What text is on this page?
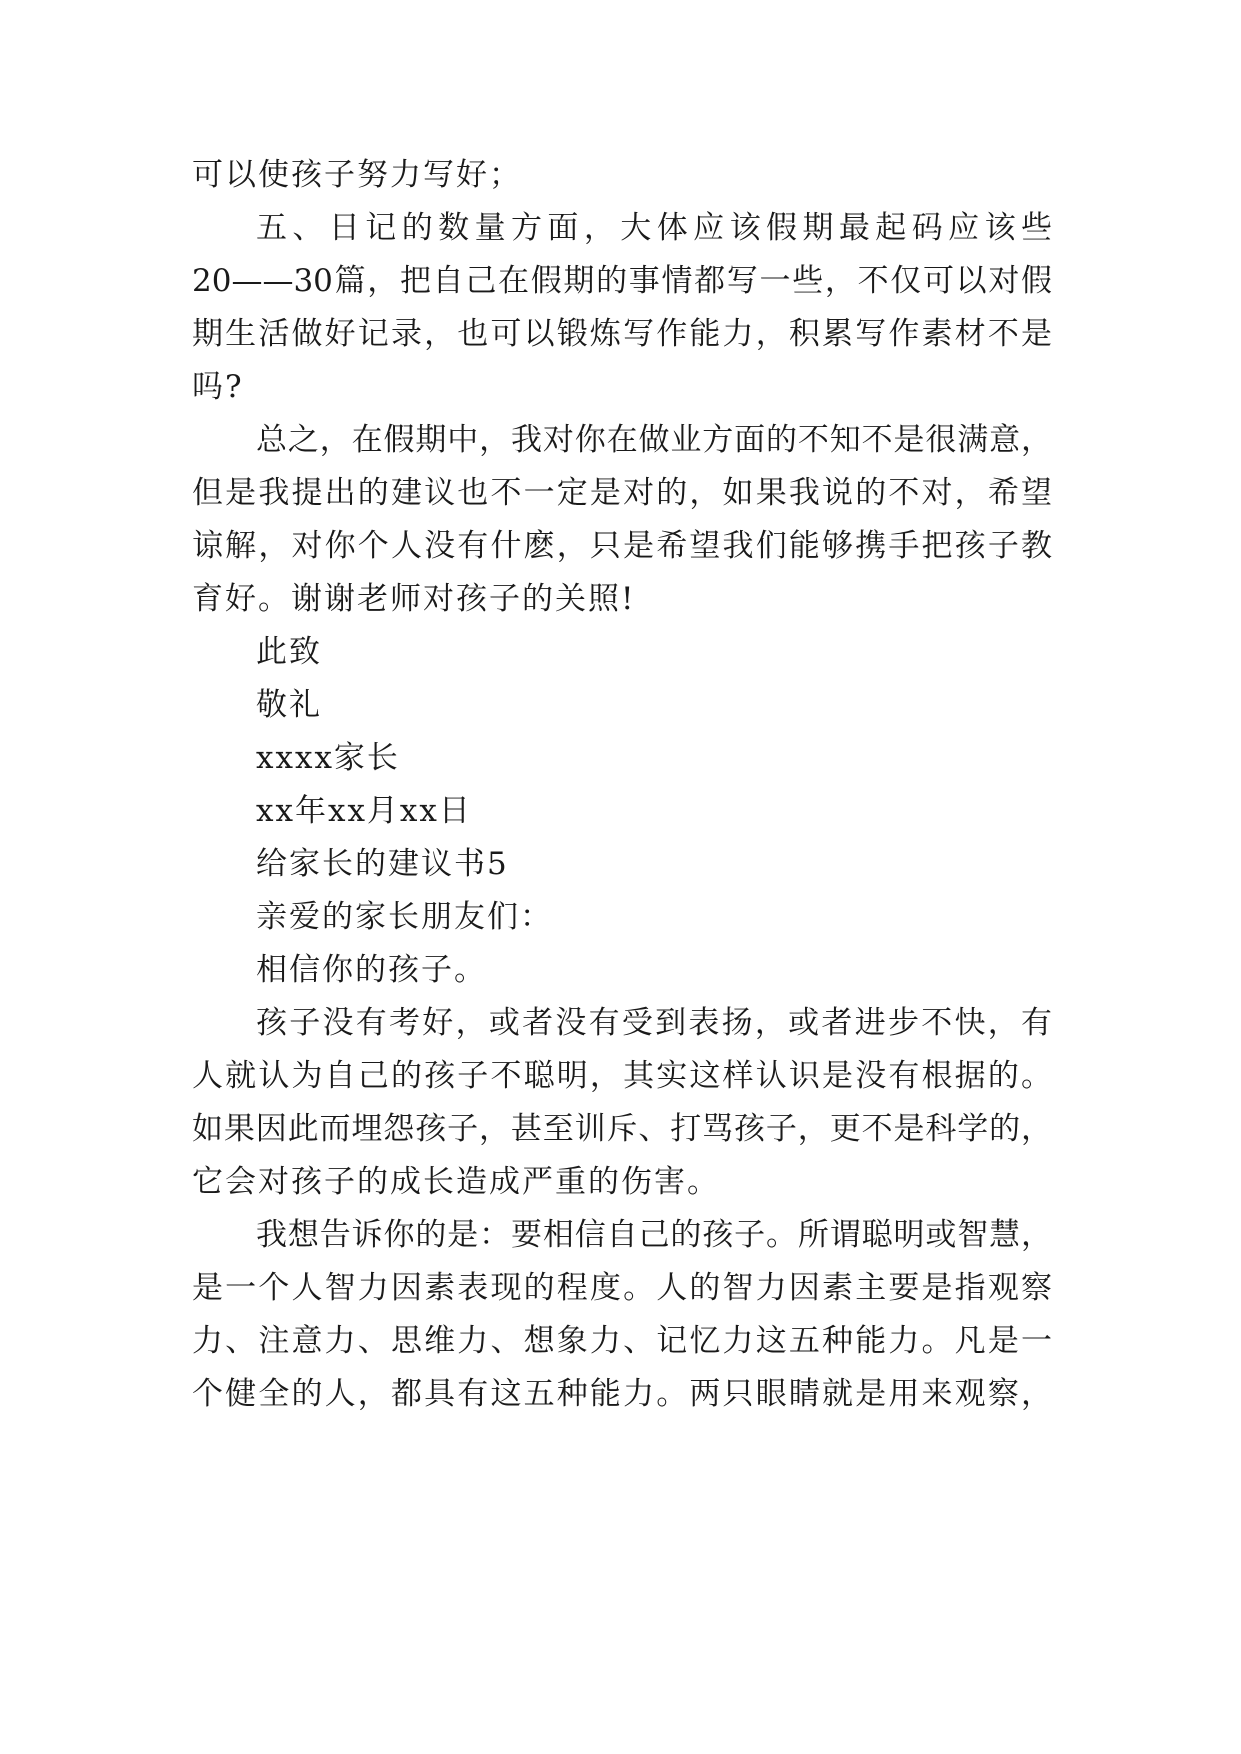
可以使孩子努力写好；
五、日记的数量方面，大体应该假期最起码应该些
20——30篇，把自己在假期的事情都写一些，不仅可以对假
期生活做好记录，也可以锻炼写作能力，积累写作素材不是
吗?
总之，在假期中，我对你在做业方面的不知不是很满意，
但是我提出的建议也不一定是对的，如果我说的不对，希望
谅解，对你个人没有什麽，只是希望我们能够携手把孩子教
育好。谢谢老师对孩子的关照!
此致
敬礼
xxxx家长
xx年xx月xx日
给家长的建议书5
亲爱的家长朋友们：
相信你的孩子。
孩子没有考好，或者没有受到表扬，或者进步不快，有
人就认为自己的孩子不聪明，其实这样认识是没有根据的。
如果因此而埋怨孩子，甚至训斥、打骂孩子，更不是科学的，
它会对孩子的成长造成严重的伤害。
我想告诉你的是：要相信自己的孩子。所谓聪明或智慧，
是一个人智力因素表现的程度。人的智力因素主要是指观察
力、注意力、思维力、想象力、记忆力这五种能力。凡是一
个健全的人，都具有这五种能力。两只眼睛就是用来观察，
